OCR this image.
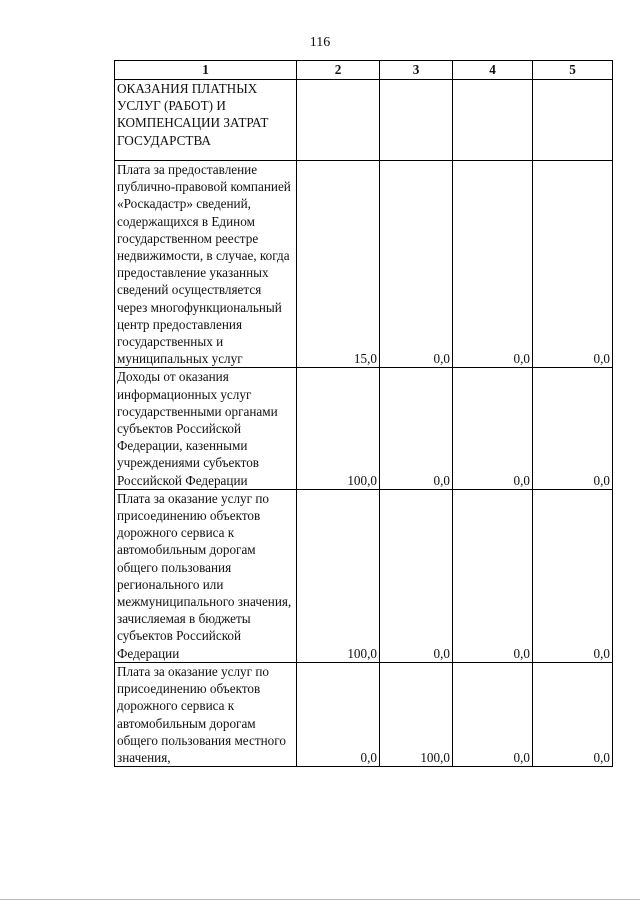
116
1	2	3	4	5
ОКАЗАНИЯ ПЛАТНЫХ УСЛУГ (РАБОТ) И КОМПЕНСАЦИИ ЗАТРАТ ГОСУДАРСТВА				
Плата за предоставление публично-правовой компанией «Роскадастр» сведений, содержащихся в Едином государственном реестре недвижимости, в случае, когда предоставление указанных сведений осуществляется через многофункциональный центр предоставления государственных и муниципальных услуг	15,0	0,0	0,0	0,0
Доходы от оказания информационных услуг государственными органами субъектов Российской Федерации, казенными учреждениями субъектов Российской Федерации	100,0	0,0	0,0	0,0
Плата за оказание услуг по присоединению объектов дорожного сервиса к автомобильным дорогам общего пользования регионального или межмуниципального значения, зачисляемая в бюджеты субъектов Российской Федерации	100,0	0,0	0,0	0,0
Плата за оказание услуг по присоединению объектов дорожного сервиса к автомобильным дорогам общего пользования местного значения,	0,0	100,0	0,0	0,0
